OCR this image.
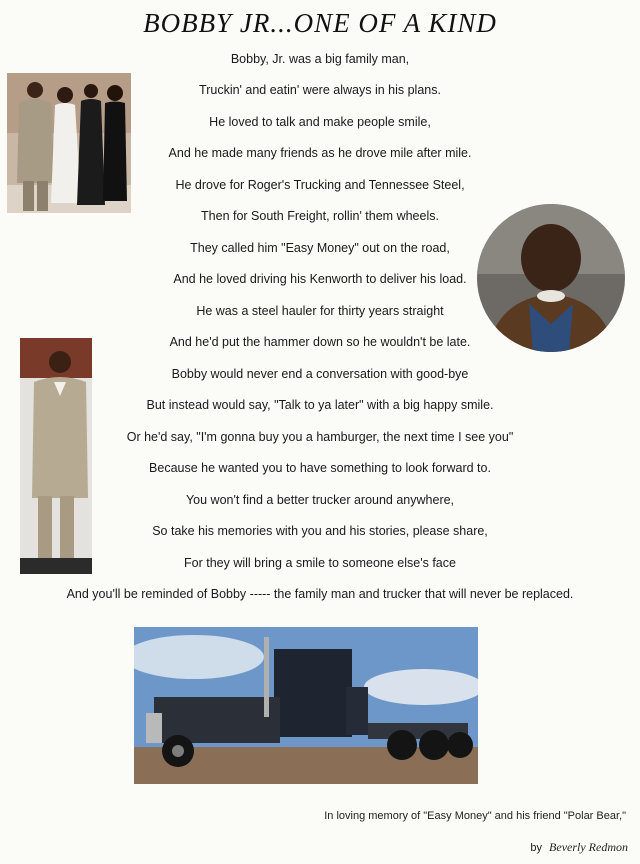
BOBBY JR...ONE OF A KIND
Bobby, Jr. was a big family man,
Truckin' and eatin' were always in his plans.
He loved to talk and make people smile,
And he made many friends as he drove mile after mile.
He drove for Roger's Trucking and Tennessee Steel,
Then for South Freight, rollin' them wheels.
They called him "Easy Money" out on the road,
And he loved driving his Kenworth to deliver his load.
He was a steel hauler for thirty years straight
And he'd put the hammer down so he wouldn't be late.
Bobby would never end a conversation with good-bye
But instead would say, "Talk to ya later" with a big happy smile.
Or he'd say, "I'm gonna buy you a hamburger, the next time I see you"
Because he wanted you to have something to look forward to.
You won't find a better trucker around anywhere,
So take his memories with you and his stories, please share,
For they will bring a smile to someone else's face
And you'll be reminded of Bobby ----- the family man and trucker that will never be replaced.
In loving memory of "Easy Money" and his friend "Polar Bear,"
by Beverly Redmon
